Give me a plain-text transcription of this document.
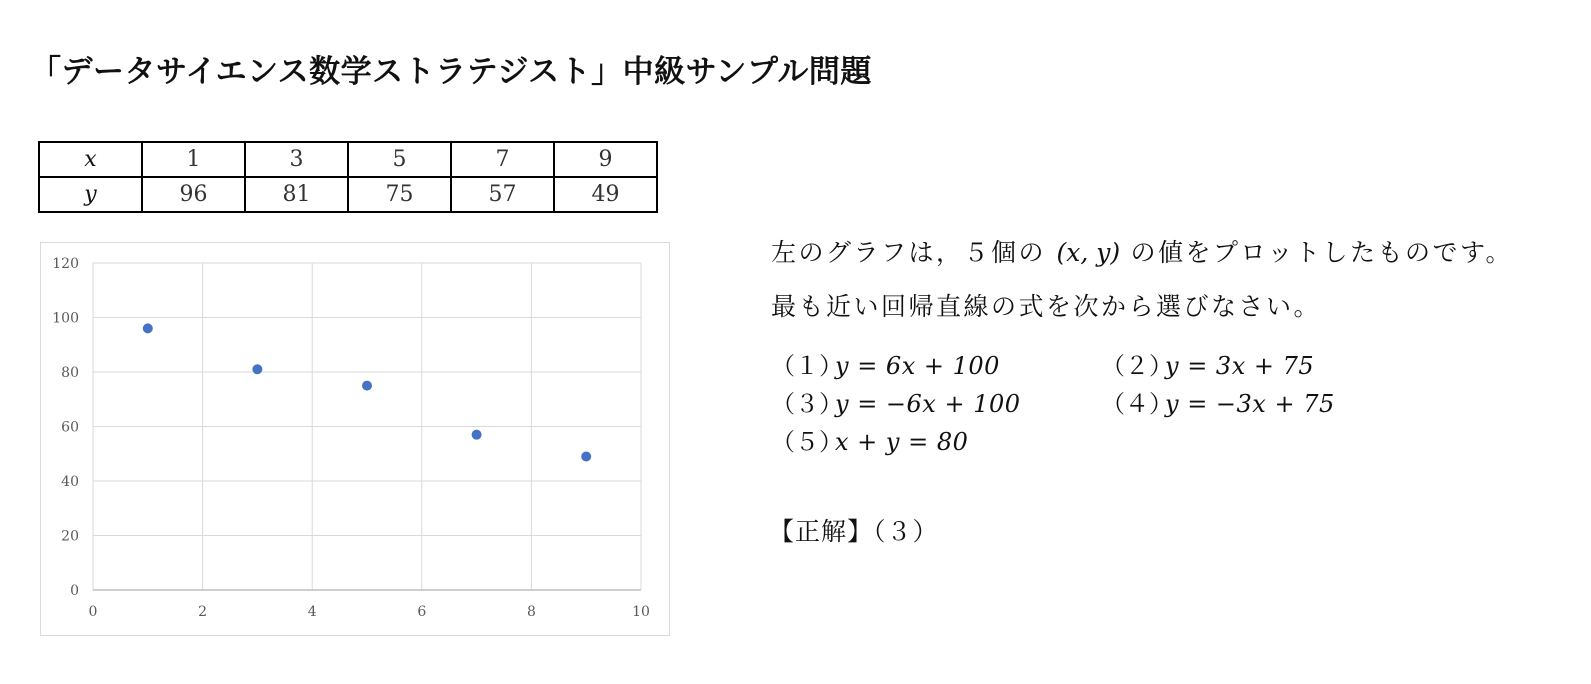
「データサイエンス数学ストラテジスト」中級サンプル問題
x	1	3	5	7	9
y	96	81	75	57	49
0
20
40
60
80
100
120
0	2	4	6	8	10
左のグラフは，５個の (x, y) の値をプロットしたものです。
最も近い回帰直線の式を次から選びなさい。
（１）y = 6x + 100	（２）y = 3x + 75
（３）y = −6x + 100	（４）y = −3x + 75
（５）x + y = 80
【正解】（３）
